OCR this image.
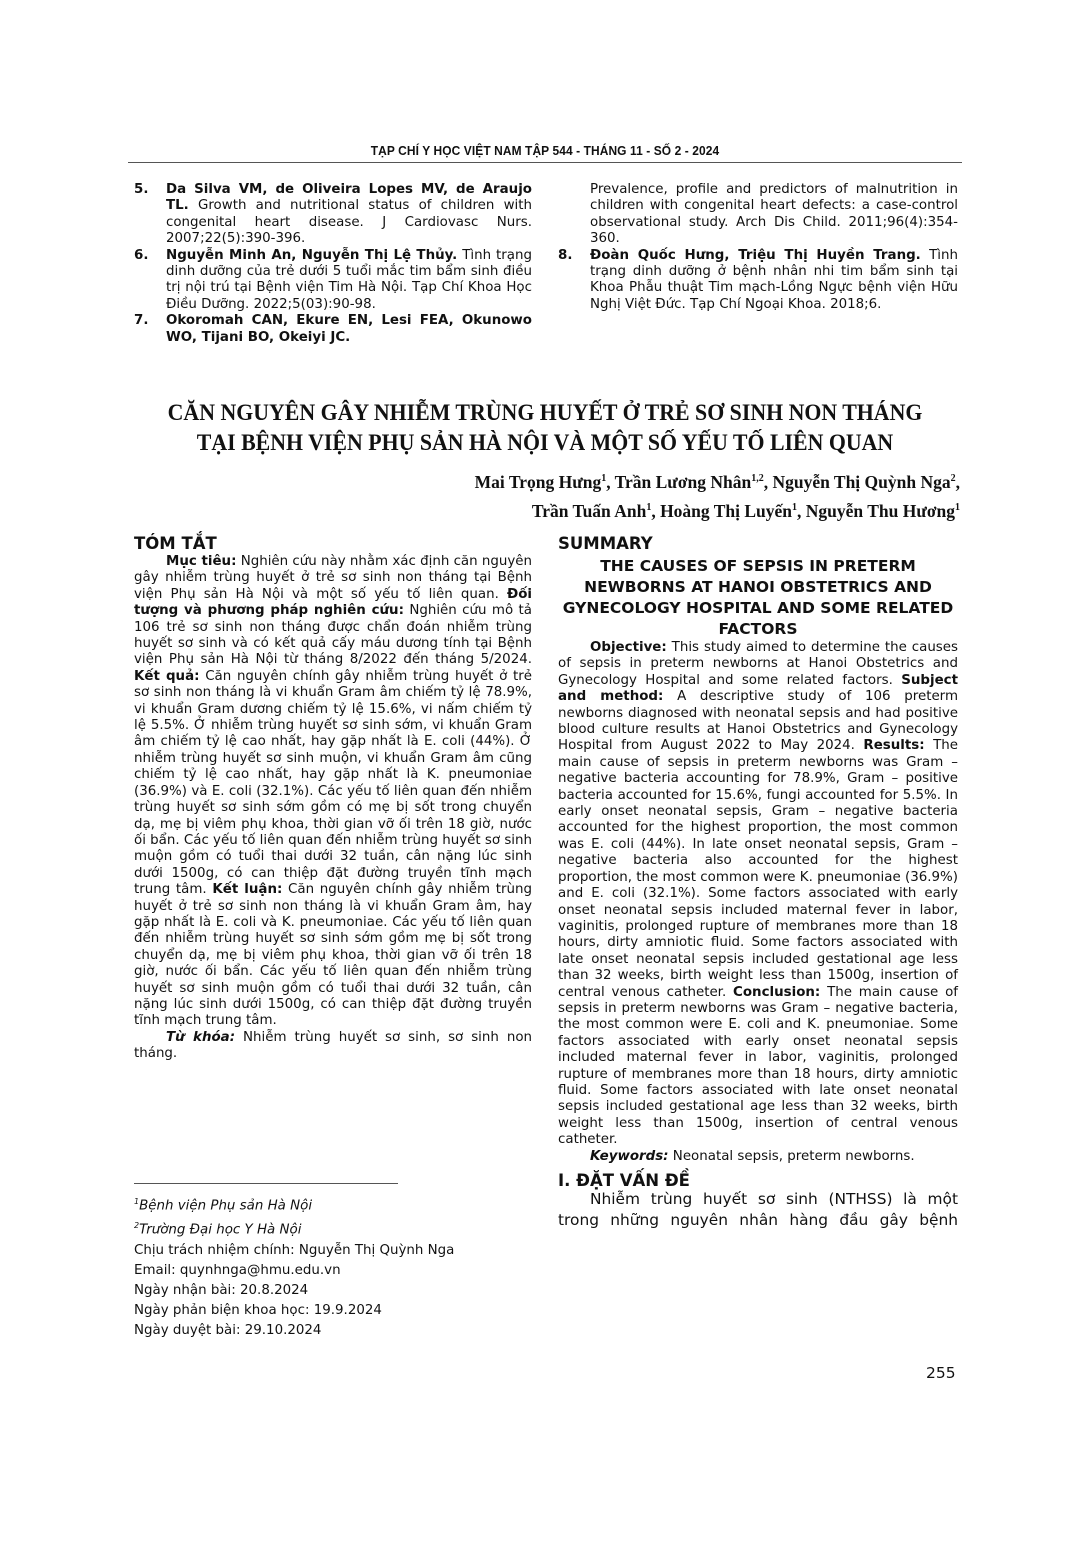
TẠP CHÍ Y HỌC VIỆT NAM TẬP 544 - THÁNG 11 - SỐ 2 - 2024
5.	Da Silva VM, de Oliveira Lopes MV, de Araujo TL. Growth and nutritional status of children with congenital heart disease. J Cardiovasc Nurs. 2007;22(5):390-396.
6.	Nguyễn Minh An, Nguyễn Thị Lệ Thủy. Tình trạng dinh dưỡng của trẻ dưới 5 tuổi mắc tim bẩm sinh điều trị nội trú tại Bệnh viện Tim Hà Nội. Tạp Chí Khoa Học Điều Dưỡng. 2022;5(03):90-98.
7.	Okoromah CAN, Ekure EN, Lesi FEA, Okunowo WO, Tijani BO, Okeiyi JC.
Prevalence, profile and predictors of malnutrition in children with congenital heart defects: a case-control observational study. Arch Dis Child. 2011;96(4):354-360.
8.	Đoàn Quốc Hưng, Triệu Thị Huyền Trang. Tình trạng dinh dưỡng ở bệnh nhân nhi tim bẩm sinh tại Khoa Phẫu thuật Tim mạch-Lồng Ngực bệnh viện Hữu Nghị Việt Đức. Tạp Chí Ngoại Khoa. 2018;6.
CĂN NGUYÊN GÂY NHIỄM TRÙNG HUYẾT Ở TRẺ SƠ SINH NON THÁNG
TẠI BỆNH VIỆN PHỤ SẢN HÀ NỘI VÀ MỘT SỐ YẾU TỐ LIÊN QUAN
Mai Trọng Hưng$^1$, Trần Lương Nhân$^{1,2}$, Nguyễn Thị Quỳnh Nga$^2$,
Trần Tuấn Anh$^1$, Hoàng Thị Luyến$^1$, Nguyễn Thu Hương$^1$
TÓM TẮT

Mục tiêu: Nghiên cứu này nhằm xác định căn nguyên gây nhiễm trùng huyết ở trẻ sơ sinh non tháng tại Bệnh viện Phụ sản Hà Nội và một số yếu tố liên quan. Đối tượng và phương pháp nghiên cứu: Nghiên cứu mô tả 106 trẻ sơ sinh non tháng được chẩn đoán nhiễm trùng huyết sơ sinh và có kết quả cấy máu dương tính tại Bệnh viện Phụ sản Hà Nội từ tháng 8/2022 đến tháng 5/2024. Kết quả: Căn nguyên chính gây nhiễm trùng huyết ở trẻ sơ sinh non tháng là vi khuẩn Gram âm chiếm tỷ lệ 78.9%, vi khuẩn Gram dương chiếm tỷ lệ 15.6%, vi nấm chiếm tỷ lệ 5.5%. Ở nhiễm trùng huyết sơ sinh sớm, vi khuẩn Gram âm chiếm tỷ lệ cao nhất, hay gặp nhất là E. coli (44%). Ở nhiễm trùng huyết sơ sinh muộn, vi khuẩn Gram âm cũng chiếm tỷ lệ cao nhất, hay gặp nhất là K. pneumoniae (36.9%) và E. coli (32.1%). Các yếu tố liên quan đến nhiễm trùng huyết sơ sinh sớm gồm có mẹ bị sốt trong chuyển dạ, mẹ bị viêm phụ khoa, thời gian vỡ ối trên 18 giờ, nước ối bẩn. Các yếu tố liên quan đến nhiễm trùng huyết sơ sinh muộn gồm có tuổi thai dưới 32 tuần, cân nặng lúc sinh dưới 1500g, có can thiệp đặt đường truyền tĩnh mạch trung tâm. Kết luận: Căn nguyên chính gây nhiễm trùng huyết ở trẻ sơ sinh non tháng là vi khuẩn Gram âm, hay gặp nhất là E. coli và K. pneumoniae. Các yếu tố liên quan đến nhiễm trùng huyết sơ sinh sớm gồm mẹ bị sốt trong chuyển dạ, mẹ bị viêm phụ khoa, thời gian vỡ ối trên 18 giờ, nước ối bẩn. Các yếu tố liên quan đến nhiễm trùng huyết sơ sinh muộn gồm có tuổi thai dưới 32 tuần, cân nặng lúc sinh dưới 1500g, có can thiệp đặt đường truyền tĩnh mạch trung tâm.

Từ khóa: Nhiễm trùng huyết sơ sinh, sơ sinh non tháng.

$^1$Bệnh viện Phụ sản Hà Nội
$^2$Trường Đại học Y Hà Nội
Chịu trách nhiệm chính: Nguyễn Thị Quỳnh Nga
Email: quynhnga@hmu.edu.vn
Ngày nhận bài: 20.8.2024
Ngày phản biện khoa học: 19.9.2024
Ngày duyệt bài: 29.10.2024
SUMMARY
THE CAUSES OF SEPSIS IN PRETERM NEWBORNS AT HANOI OBSTETRICS AND GYNECOLOGY HOSPITAL AND SOME RELATED FACTORS

Objective: This study aimed to determine the causes of sepsis in preterm newborns at Hanoi Obstetrics and Gynecology Hospital and some related factors. Subject and method: A descriptive study of 106 preterm newborns diagnosed with neonatal sepsis and had positive blood culture results at Hanoi Obstetrics and Gynecology Hospital from August 2022 to May 2024. Results: The main cause of sepsis in preterm newborns was Gram – negative bacteria accounting for 78.9%, Gram – positive bacteria accounted for 15.6%, fungi accounted for 5.5%. In early onset neonatal sepsis, Gram – negative bacteria accounted for the highest proportion, the most common was E. coli (44%). In late onset neonatal sepsis, Gram – negative bacteria also accounted for the highest proportion, the most common were K. pneumoniae (36.9%) and E. coli (32.1%). Some factors associated with early onset neonatal sepsis included maternal fever in labor, vaginitis, prolonged rupture of membranes more than 18 hours, dirty amniotic fluid. Some factors associated with late onset neonatal sepsis included gestational age less than 32 weeks, birth weight less than 1500g, insertion of central venous catheter. Conclusion: The main cause of sepsis in preterm newborns was Gram – negative bacteria, the most common were E. coli and K. pneumoniae. Some factors associated with early onset neonatal sepsis included maternal fever in labor, vaginitis, prolonged rupture of membranes more than 18 hours, dirty amniotic fluid. Some factors associated with late onset neonatal sepsis included gestational age less than 32 weeks, birth weight less than 1500g, insertion of central venous catheter.

Keywords: Neonatal sepsis, preterm newborns.

I. ĐẶT VẤN ĐỀ

Nhiễm trùng huyết sơ sinh (NTHSS) là một trong những nguyên nhân hàng đầu gây bệnh

255
